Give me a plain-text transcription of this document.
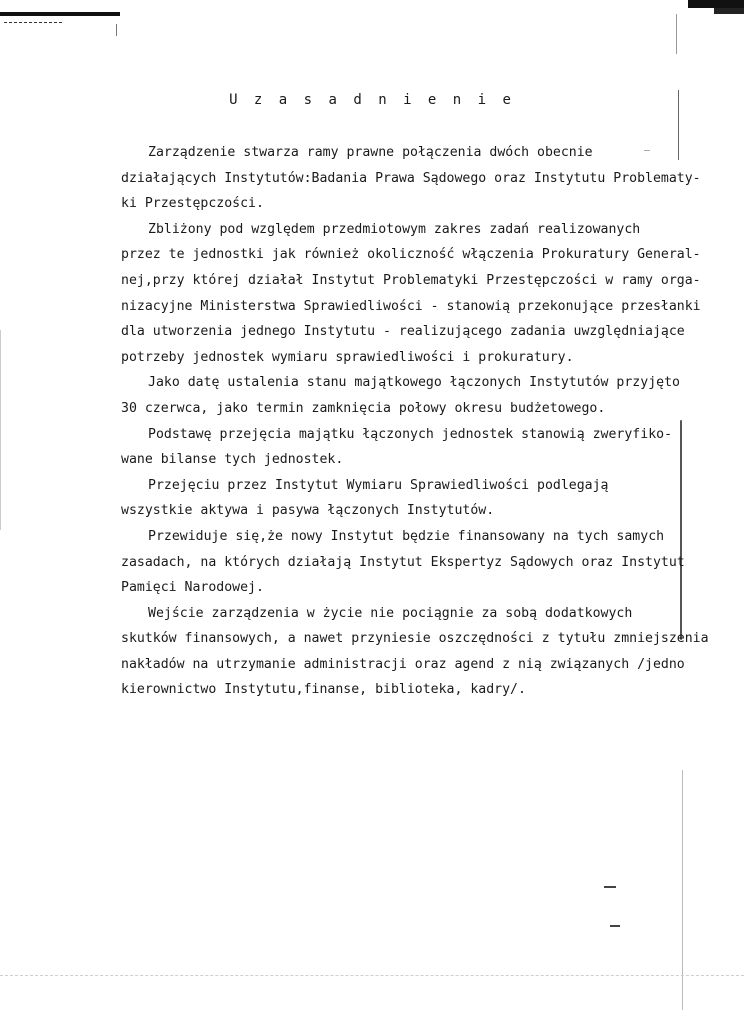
U z a s a d n i e n i e
Zarządzenie stwarza ramy prawne połączenia dwóch obecnie
działających Instytutów:Badania Prawa Sądowego oraz Instytutu Problematy-
ki Przestępczości.
Zbliżony pod względem przedmiotowym zakres zadań realizowanych
przez te jednostki jak również okoliczność włączenia Prokuratury General-
nej,przy której działał Instytut Problematyki Przestępczości w ramy orga-
nizacyjne Ministerstwa Sprawiedliwości - stanowią przekonujące przesłanki
dla utworzenia jednego Instytutu - realizującego zadania uwzględniające
potrzeby jednostek wymiaru sprawiedliwości i prokuratury.
Jako datę ustalenia stanu majątkowego łączonych Instytutów przyjęto
30 czerwca, jako termin zamknięcia połowy okresu budżetowego.
Podstawę przejęcia majątku łączonych jednostek stanowią zweryfiko-
wane bilanse tych jednostek.
Przejęciu przez Instytut Wymiaru Sprawiedliwości podlegają
wszystkie aktywa i pasywa łączonych Instytutów.
Przewiduje się,że nowy Instytut będzie finansowany na tych samych
zasadach, na których działają Instytut Ekspertyz Sądowych oraz Instytut
Pamięci Narodowej.
Wejście zarządzenia w życie nie pociągnie za sobą dodatkowych
skutków finansowych, a nawet przyniesie oszczędności z tytułu zmniejszenia
nakładów na utrzymanie administracji oraz agend z nią związanych /jedno
kierownictwo Instytutu,finanse, biblioteka, kadry/.
